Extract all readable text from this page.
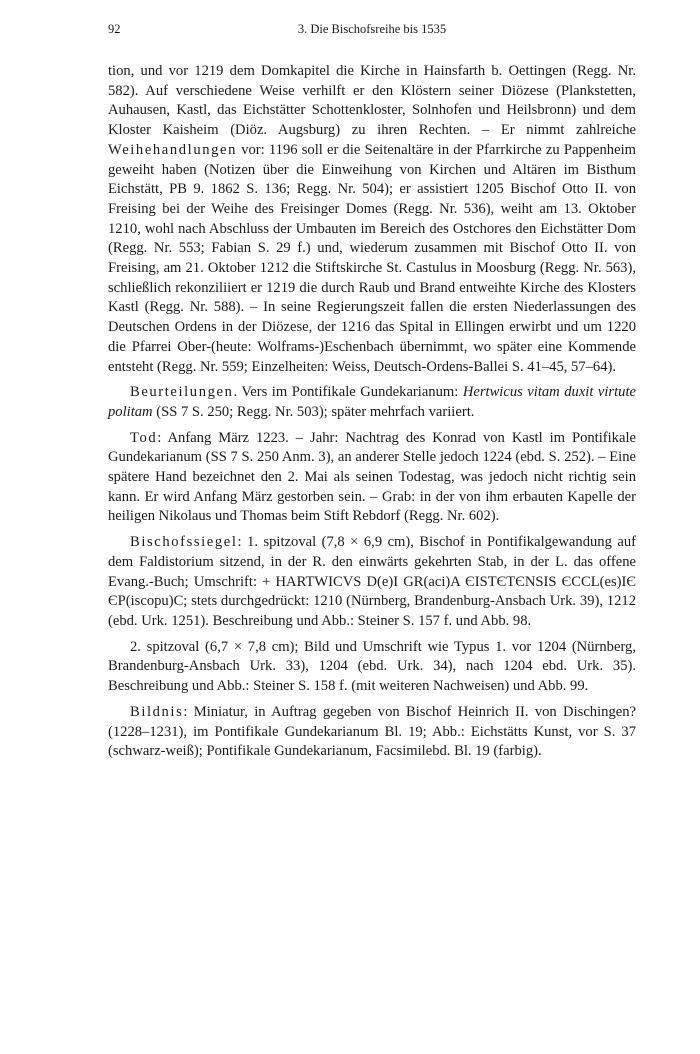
92	3. Die Bischofsreihe bis 1535

tion, und vor 1219 dem Domkapitel die Kirche in Hainsfarth b. Oettingen (Regg. Nr. 582). Auf verschiedene Weise verhilft er den Klöstern seiner Diözese (Plankstetten, Auhausen, Kastl, das Eichstätter Schottenkloster, Solnhofen und Heilsbronn) und dem Kloster Kaisheim (Diöz. Augsburg) zu ihren Rechten. – Er nimmt zahlreiche Weihehandlungen vor: 1196 soll er die Seitenaltäre in der Pfarrkirche zu Pappenheim geweiht haben (Notizen über die Einweihung von Kirchen und Altären im Bisthum Eichstätt, PB 9. 1862 S. 136; Regg. Nr. 504); er assistiert 1205 Bischof Otto II. von Freising bei der Weihe des Freisinger Domes (Regg. Nr. 536), weiht am 13. Oktober 1210, wohl nach Abschluss der Umbauten im Bereich des Ostchores den Eichstätter Dom (Regg. Nr. 553; Fabian S. 29 f.) und, wiederum zusammen mit Bischof Otto II. von Freising, am 21. Oktober 1212 die Stiftskirche St. Castulus in Moosburg (Regg. Nr. 563), schließlich rekonziliiert er 1219 die durch Raub und Brand entweihte Kirche des Klosters Kastl (Regg. Nr. 588). – In seine Regierungszeit fallen die ersten Niederlassungen des Deutschen Ordens in der Diözese, der 1216 das Spital in Ellingen erwirbt und um 1220 die Pfarrei Ober-(heute: Wolframs-)Eschenbach übernimmt, wo später eine Kommende entsteht (Regg. Nr. 559; Einzelheiten: Weiss, Deutsch-Ordens-Ballei S. 41–45, 57–64).

Beurteilungen. Vers im Pontifikale Gundekarianum: Hertwicus vitam duxit virtute politam (SS 7 S. 250; Regg. Nr. 503); später mehrfach variiert.

Tod: Anfang März 1223. – Jahr: Nachtrag des Konrad von Kastl im Pontifikale Gundekarianum (SS 7 S. 250 Anm. 3), an anderer Stelle jedoch 1224 (ebd. S. 252). – Eine spätere Hand bezeichnet den 2. Mai als seinen Todestag, was jedoch nicht richtig sein kann. Er wird Anfang März gestorben sein. – Grab: in der von ihm erbauten Kapelle der heiligen Nikolaus und Thomas beim Stift Rebdorf (Regg. Nr. 602).

Bischofssiegel: 1. spitzoval (7,8 × 6,9 cm), Bischof in Pontifikalgewandung auf dem Faldistorium sitzend, in der R. den einwärts gekehrten Stab, in der L. das offene Evang.-Buch; Umschrift: + HARTWICVS D(e)I GR(aci)A ЄISTЄTЄNSIS ЄCCL(es)IЄ ЄP(iscopu)C; stets durchgedrückt: 1210 (Nürnberg, Brandenburg-Ansbach Urk. 39), 1212 (ebd. Urk. 1251). Beschreibung und Abb.: Steiner S. 157 f. und Abb. 98.

2. spitzoval (6,7 × 7,8 cm); Bild und Umschrift wie Typus 1. vor 1204 (Nürnberg, Brandenburg-Ansbach Urk. 33), 1204 (ebd. Urk. 34), nach 1204 ebd. Urk. 35). Beschreibung und Abb.: Steiner S. 158 f. (mit weiteren Nachweisen) und Abb. 99.

Bildnis: Miniatur, in Auftrag gegeben von Bischof Heinrich II. von Dischingen? (1228–1231), im Pontifikale Gundekarianum Bl. 19; Abb.: Eichstätts Kunst, vor S. 37 (schwarz-weiß); Pontifikale Gundekarianum, Facsimilebd. Bl. 19 (farbig).
